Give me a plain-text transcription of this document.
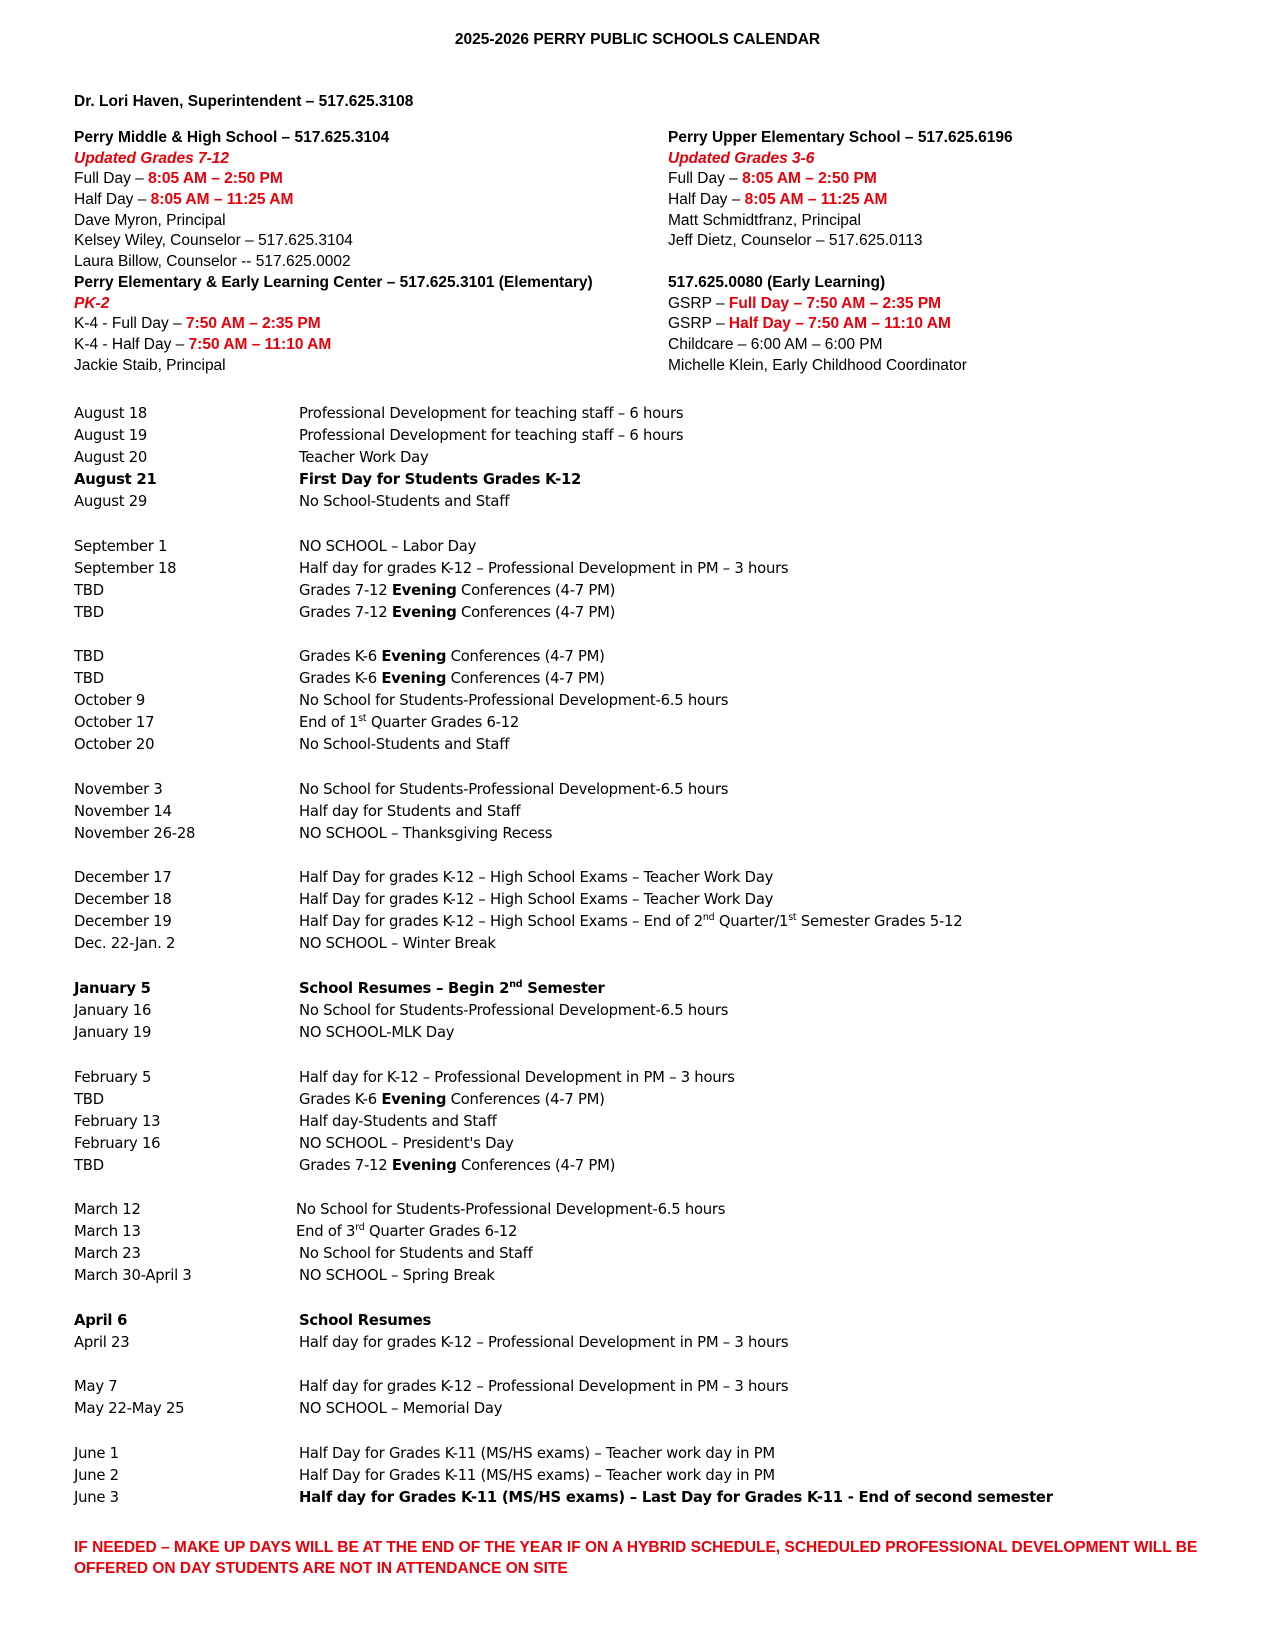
2025-2026 PERRY PUBLIC SCHOOLS CALENDAR
Dr. Lori Haven, Superintendent – 517.625.3108
Perry Middle & High School – 517.625.3104
Updated Grades 7-12
Full Day – 8:05 AM – 2:50 PM
Half Day – 8:05 AM – 11:25 AM
Dave Myron, Principal
Kelsey Wiley, Counselor – 517.625.3104
Laura Billow, Counselor -- 517.625.0002
Perry Elementary & Early Learning Center – 517.625.3101 (Elementary)
PK-2
K-4 - Full Day – 7:50 AM – 2:35 PM
K-4 - Half Day – 7:50 AM – 11:10 AM
Jackie Staib, Principal
Perry Upper Elementary School – 517.625.6196
Updated Grades 3-6
Full Day – 8:05 AM – 2:50 PM
Half Day – 8:05 AM – 11:25 AM
Matt Schmidtfranz, Principal
Jeff Dietz, Counselor – 517.625.0113
517.625.0080 (Early Learning)
GSRP – Full Day – 7:50 AM – 2:35 PM
GSRP – Half Day – 7:50 AM – 11:10 AM
Childcare – 6:00 AM – 6:00 PM
Michelle Klein, Early Childhood Coordinator
August 18	Professional Development for teaching staff – 6 hours
August 19	Professional Development for teaching staff – 6 hours
August 20	Teacher Work Day
August 21	First Day for Students Grades K-12
August 29	No School-Students and Staff
September 1	NO SCHOOL – Labor Day
September 18	Half day for grades K-12 – Professional Development in PM – 3 hours
TBD	Grades 7-12 Evening Conferences (4-7 PM)
TBD	Grades 7-12 Evening Conferences (4-7 PM)
TBD	Grades K-6 Evening Conferences (4-7 PM)
TBD	Grades K-6 Evening Conferences (4-7 PM)
October 9	No School for Students-Professional Development-6.5 hours
October 17	End of 1st Quarter Grades 6-12
October 20	No School-Students and Staff
November 3	No School for Students-Professional Development-6.5 hours
November 14	Half day for Students and Staff
November 26-28	NO SCHOOL – Thanksgiving Recess
December 17	Half Day for grades K-12 – High School Exams – Teacher Work Day
December 18	Half Day for grades K-12 – High School Exams – Teacher Work Day
December 19	Half Day for grades K-12 – High School Exams – End of 2nd Quarter/1st Semester Grades 5-12
Dec. 22-Jan. 2	NO SCHOOL – Winter Break
January 5	School Resumes – Begin 2nd Semester
January 16	No School for Students-Professional Development-6.5 hours
January 19	NO SCHOOL-MLK Day
February 5	Half day for K-12 – Professional Development in PM – 3 hours
TBD	Grades K-6 Evening Conferences (4-7 PM)
February 13	Half day-Students and Staff
February 16	NO SCHOOL – President's Day
TBD	Grades 7-12 Evening Conferences (4-7 PM)
March 12	No School for Students-Professional Development-6.5 hours
March 13	End of 3rd Quarter Grades 6-12
March 23	No School for Students and Staff
March 30-April 3	NO SCHOOL – Spring Break
April 6	School Resumes
April 23	Half day for grades K-12 – Professional Development in PM – 3 hours
May 7	Half day for grades K-12 – Professional Development in PM – 3 hours
May 22-May 25	NO SCHOOL – Memorial Day
June 1	Half Day for Grades K-11 (MS/HS exams) – Teacher work day in PM
June 2	Half Day for Grades K-11 (MS/HS exams) – Teacher work day in PM
June 3	Half day for Grades K-11 (MS/HS exams) – Last Day for Grades K-11 - End of second semester
IF NEEDED – MAKE UP DAYS WILL BE AT THE END OF THE YEAR IF ON A HYBRID SCHEDULE, SCHEDULED PROFESSIONAL DEVELOPMENT WILL BE OFFERED ON DAY STUDENTS ARE NOT IN ATTENDANCE ON SITE
